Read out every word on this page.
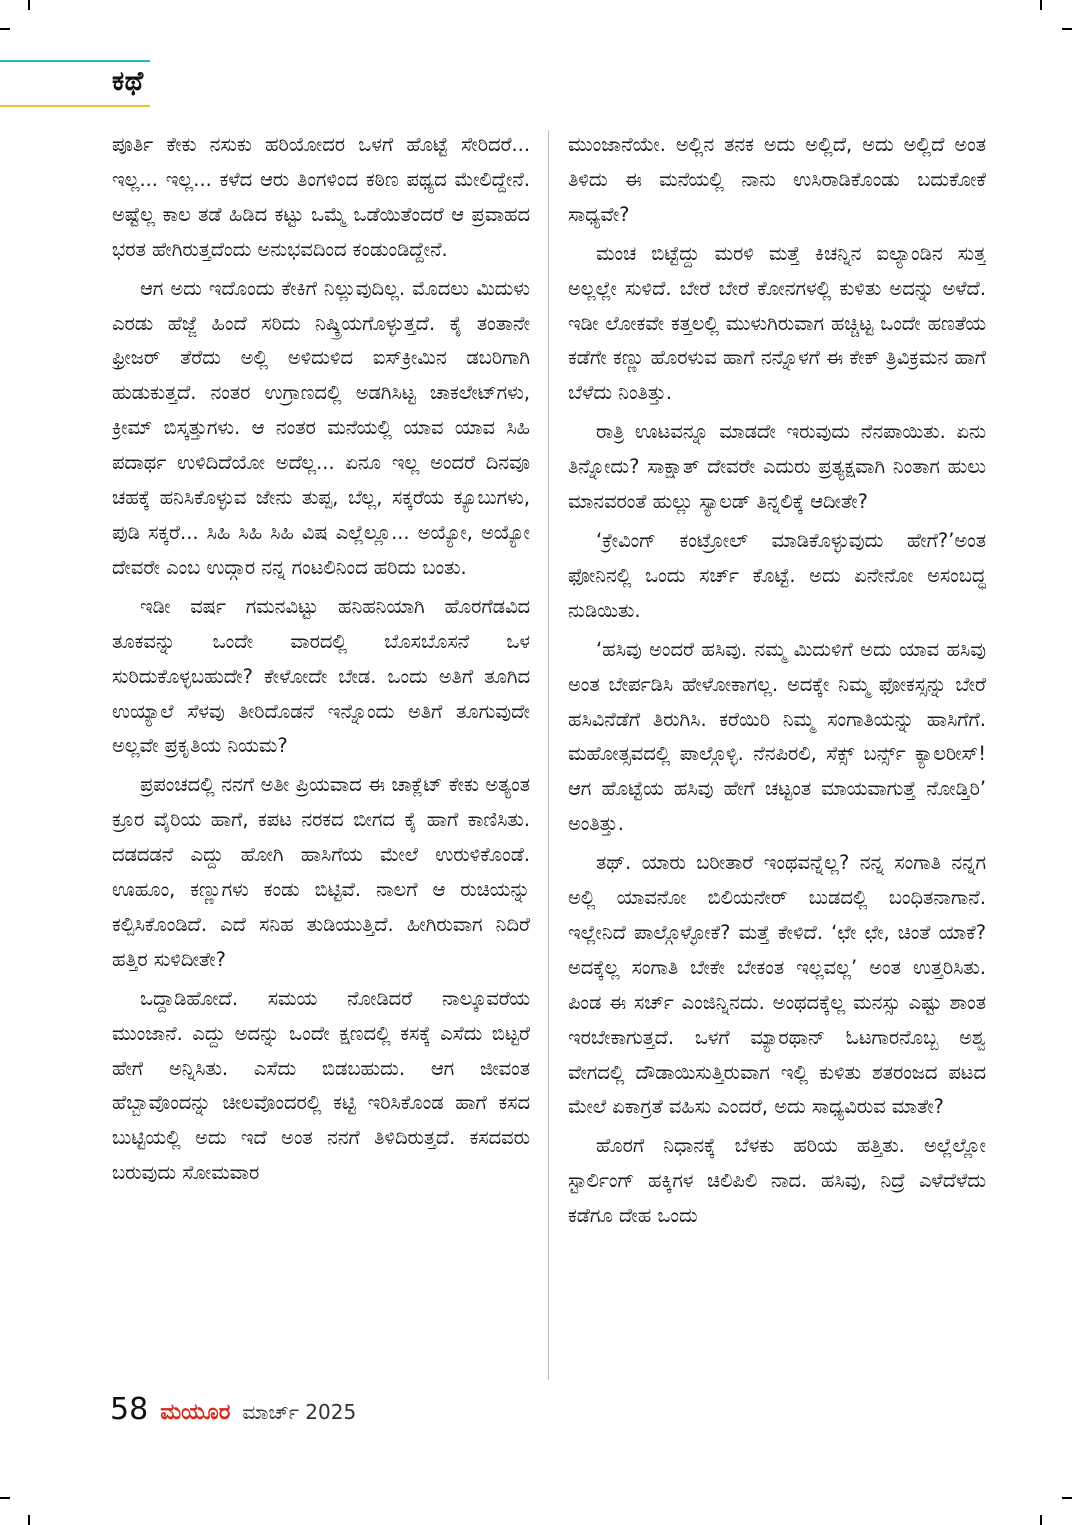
ಕಥೆ

ಪೂರ್ತಿ ಕೇಕು ನಸುಕು ಹರಿಯೋದರ ಒಳಗೆ ಹೊಟ್ಟೆ ಸೇರಿದರೆ... ಇಲ್ಲ... ಇಲ್ಲ... ಕಳೆದ ಆರು ತಿಂಗಳಿಂದ ಕಠಿಣ ಪಥ್ಯದ ಮೇಲಿದ್ದೇನೆ. ಅಷ್ಟೆಲ್ಲ ಕಾಲ ತಡೆ ಹಿಡಿದ ಕಟ್ಟು ಒಮ್ಮೆ ಒಡೆಯಿತೆಂದರೆ ಆ ಪ್ರವಾಹದ ಭರತ ಹೇಗಿರುತ್ತದೆಂದು ಅನುಭವದಿಂದ ಕಂಡುಂಡಿದ್ದೇನೆ.

ಆಗ ಅದು ಇದೊಂದು ಕೇಕಿಗೆ ನಿಲ್ಲುವುದಿಲ್ಲ. ಮೊದಲು ಮಿದುಳು ಎರಡು ಹೆಜ್ಜೆ ಹಿಂದೆ ಸರಿದು ನಿಷ್ಕ್ರಿಯಗೊಳ್ಳುತ್ತದೆ. ಕೈ ತಂತಾನೇ ಫ್ರೀಜರ್ ತೆರೆದು ಅಲ್ಲಿ ಅಳಿದುಳಿದ ಐಸ್‌ಕ್ರೀಮಿನ ಡಬರಿಗಾಗಿ ಹುಡುಕುತ್ತದೆ. ನಂತರ ಉಗ್ರಾಣದಲ್ಲಿ ಅಡಗಿಸಿಟ್ಟ ಚಾಕಲೇಟ್‌ಗಳು, ಕ್ರೀಮ್ ಬಿಸ್ಕತ್ತುಗಳು. ಆ ನಂತರ ಮನೆಯಲ್ಲಿ ಯಾವ ಯಾವ ಸಿಹಿ ಪದಾರ್ಥ ಉಳಿದಿದೆಯೋ ಅದೆಲ್ಲ... ಏನೂ ಇಲ್ಲ ಅಂದರೆ ದಿನವೂ ಚಹಕ್ಕೆ ಹನಿಸಿಕೊಳ್ಳುವ ಜೇನು ತುಪ್ಪ, ಬೆಲ್ಲ, ಸಕ್ಕರೆಯ ಕ್ಯೂಬುಗಳು, ಪುಡಿ ಸಕ್ಕರೆ... ಸಿಹಿ ಸಿಹಿ ಸಿಹಿ ವಿಷ ಎಲ್ಲೆಲ್ಲೂ... ಅಯ್ಯೋ, ಅಯ್ಯೋ ದೇವರೇ ಎಂಬ ಉದ್ಗಾರ ನನ್ನ ಗಂಟಲಿನಿಂದ ಹರಿದು ಬಂತು.

ಇಡೀ ವರ್ಷ ಗಮನವಿಟ್ಟು ಹನಿಹನಿಯಾಗಿ ಹೊರಗೆಡವಿದ ತೂಕವನ್ನು ಒಂದೇ ವಾರದಲ್ಲಿ ಬೊಸಬೊಸನೆ ಒಳ ಸುರಿದುಕೊಳ್ಳಬಹುದೇ? ಕೇಳೋದೇ ಬೇಡ. ಒಂದು ಅತಿಗೆ ತೂಗಿದ ಉಯ್ಯಾಲೆ ಸೆಳವು ತೀರಿದೊಡನೆ ಇನ್ನೊಂದು ಅತಿಗೆ ತೂಗುವುದೇ ಅಲ್ಲವೇ ಪ್ರಕೃತಿಯ ನಿಯಮ?

ಪ್ರಪಂಚದಲ್ಲಿ ನನಗೆ ಅತೀ ಪ್ರಿಯವಾದ ಈ ಚಾಕ್ಲೆಟ್ ಕೇಕು ಅತ್ಯಂತ ಕ್ರೂರ ವೈರಿಯ ಹಾಗೆ, ಕಪಟ ನರಕದ ಬೀಗದ ಕೈ ಹಾಗೆ ಕಾಣಿಸಿತು. ದಡದಡನೆ ಎದ್ದು ಹೋಗಿ ಹಾಸಿಗೆಯ ಮೇಲೆ ಉರುಳಿಕೊಂಡೆ. ಊಹೂಂ, ಕಣ್ಣುಗಳು ಕಂಡು ಬಿಟ್ಟಿವೆ. ನಾಲಗೆ ಆ ರುಚಿಯನ್ನು ಕಲ್ಪಿಸಿಕೊಂಡಿದೆ. ಎದೆ ಸನಿಹ ತುಡಿಯುತ್ತಿದೆ. ಹೀಗಿರುವಾಗ ನಿದಿರೆ ಹತ್ತಿರ ಸುಳಿದೀತೇ?

ಒದ್ದಾಡಿಹೋದೆ. ಸಮಯ ನೋಡಿದರೆ ನಾಲ್ಕೂವರೆಯ ಮುಂಜಾನೆ. ಎದ್ದು ಅದನ್ನು ಒಂದೇ ಕ್ಷಣದಲ್ಲಿ ಕಸಕ್ಕೆ ಎಸೆದು ಬಿಟ್ಟರೆ ಹೇಗೆ ಅನ್ನಿಸಿತು. ಎಸೆದು ಬಿಡಬಹುದು. ಆಗ ಜೀವಂತ ಹೆಬ್ಬಾವೊಂದನ್ನು ಚೀಲವೊಂದರಲ್ಲಿ ಕಟ್ಟಿ ಇರಿಸಿಕೊಂಡ ಹಾಗೆ ಕಸದ ಬುಟ್ಟಿಯಲ್ಲಿ ಅದು ಇದೆ ಅಂತ ನನಗೆ ತಿಳಿದಿರುತ್ತದೆ. ಕಸದವರು ಬರುವುದು ಸೋಮವಾರ

ಮುಂಜಾನೆಯೇ. ಅಲ್ಲಿನ ತನಕ ಅದು ಅಲ್ಲಿದೆ, ಅದು ಅಲ್ಲಿದೆ ಅಂತ ತಿಳಿದು ಈ ಮನೆಯಲ್ಲಿ ನಾನು ಉಸಿರಾಡಿಕೊಂಡು ಬದುಕೋಕೆ ಸಾಧ್ಯವೇ?

ಮಂಚ ಬಿಟ್ಟೆದ್ದು ಮರಳಿ ಮತ್ತೆ ಕಿಚನ್ನಿನ ಐಲ್ಯಾಂಡಿನ ಸುತ್ತ ಅಲ್ಲಲ್ಲೇ ಸುಳಿದೆ. ಬೇರೆ ಬೇರೆ ಕೋನಗಳಲ್ಲಿ ಕುಳಿತು ಅದನ್ನು ಅಳೆದೆ. ಇಡೀ ಲೋಕವೇ ಕತ್ತಲಲ್ಲಿ ಮುಳುಗಿರುವಾಗ ಹಚ್ಚಿಟ್ಟ ಒಂದೇ ಹಣತೆಯ ಕಡೆಗೇ ಕಣ್ಣು ಹೊರಳುವ ಹಾಗೆ ನನ್ನೊಳಗೆ ಈ ಕೇಕ್ ತ್ರಿವಿಕ್ರಮನ ಹಾಗೆ ಬೆಳೆದು ನಿಂತಿತ್ತು.

ರಾತ್ರಿ ಊಟವನ್ನೂ ಮಾಡದೇ ಇರುವುದು ನೆನಪಾಯಿತು. ಏನು ತಿನ್ನೋದು? ಸಾಕ್ಷಾತ್ ದೇವರೇ ಎದುರು ಪ್ರತ್ಯಕ್ಷವಾಗಿ ನಿಂತಾಗ ಹುಲು ಮಾನವರಂತೆ ಹುಲ್ಲು ಸ್ಯಾಲಡ್ ತಿನ್ನಲಿಕ್ಕೆ ಆದೀತೇ?

‘ಕ್ರೇವಿಂಗ್ ಕಂಟ್ರೋಲ್ ಮಾಡಿಕೊಳ್ಳುವುದು ಹೇಗೆ?’ಅಂತ ಫೋನಿನಲ್ಲಿ ಒಂದು ಸರ್ಚ್ ಕೊಟ್ಟೆ. ಅದು ಏನೇನೋ ಅಸಂಬದ್ಧ ನುಡಿಯಿತು.

‘ಹಸಿವು ಅಂದರೆ ಹಸಿವು. ನಮ್ಮ ಮಿದುಳಿಗೆ ಅದು ಯಾವ ಹಸಿವು ಅಂತ ಬೇರ್ಪಡಿಸಿ ಹೇಳೋಕಾಗಲ್ಲ. ಅದಕ್ಕೇ ನಿಮ್ಮ ಫೋಕಸ್ಸನ್ನು ಬೇರೆ ಹಸಿವಿನೆಡೆಗೆ ತಿರುಗಿಸಿ. ಕರೆಯಿರಿ ನಿಮ್ಮ ಸಂಗಾತಿಯನ್ನು ಹಾಸಿಗೆಗೆ. ಮಹೋತ್ಸವದಲ್ಲಿ ಪಾಲ್ಗೊಳ್ಳಿ. ನೆನಪಿರಲಿ, ಸೆಕ್ಸ್ ಬರ್ನ್ಸ್ ಕ್ಯಾಲರೀಸ್! ಆಗ ಹೊಟ್ಟೆಯ ಹಸಿವು ಹೇಗೆ ಚಟ್ಟಂತ ಮಾಯವಾಗುತ್ತೆ ನೋಡ್ತಿರಿ’ ಅಂತಿತ್ತು.

ತಥ್. ಯಾರು ಬರೀತಾರೆ ಇಂಥವನ್ನೆಲ್ಲ? ನನ್ನ ಸಂಗಾತಿ ನನ್ನಗ ಅಲ್ಲಿ ಯಾವನೋ ಬಿಲಿಯನೇರ್ ಬುಡದಲ್ಲಿ ಬಂಧಿತನಾಗಾನೆ. ಇಲ್ಲೇನಿದೆ ಪಾಲ್ಗೊಳ್ಳೋಕೆ? ಮತ್ತೆ ಕೇಳಿದೆ. ‘ಛೇ ಛೇ, ಚಿಂತೆ ಯಾಕೆ? ಅದಕ್ಕೆಲ್ಲ ಸಂಗಾತಿ ಬೇಕೇ ಬೇಕಂತ ಇಲ್ಲವಲ್ಲ’ ಅಂತ ಉತ್ತರಿಸಿತು. ಪಿಂಡ ಈ ಸರ್ಚ್ ಎಂಜಿನ್ನಿನದು. ಅಂಥದಕ್ಕೆಲ್ಲ ಮನಸ್ಸು ಎಷ್ಟು ಶಾಂತ ಇರಬೇಕಾಗುತ್ತದೆ. ಒಳಗೆ ಮ್ಯಾರಥಾನ್ ಓಟಗಾರನೊಬ್ಬ ಅಶ್ವ ವೇಗದಲ್ಲಿ ದೌಡಾಯಿಸುತ್ತಿರುವಾಗ ಇಲ್ಲಿ ಕುಳಿತು ಶತರಂಜದ ಪಟದ ಮೇಲೆ ಏಕಾಗ್ರತೆ ವಹಿಸು ಎಂದರೆ, ಅದು ಸಾಧ್ಯವಿರುವ ಮಾತೇ?

ಹೊರಗೆ ನಿಧಾನಕ್ಕೆ ಬೆಳಕು ಹರಿಯ ಹತ್ತಿತು. ಅಲ್ಲೆಲ್ಲೋ ಸ್ಟಾರ್ಲಿಂಗ್ ಹಕ್ಕಿಗಳ ಚಿಲಿಪಿಲಿ ನಾದ. ಹಸಿವು, ನಿದ್ರೆ ಎಳೆದೆಳೆದು ಕಡೆಗೂ ದೇಹ ಒಂದು

58 ಮಯೂರ ಮಾರ್ಚ್ 2025
